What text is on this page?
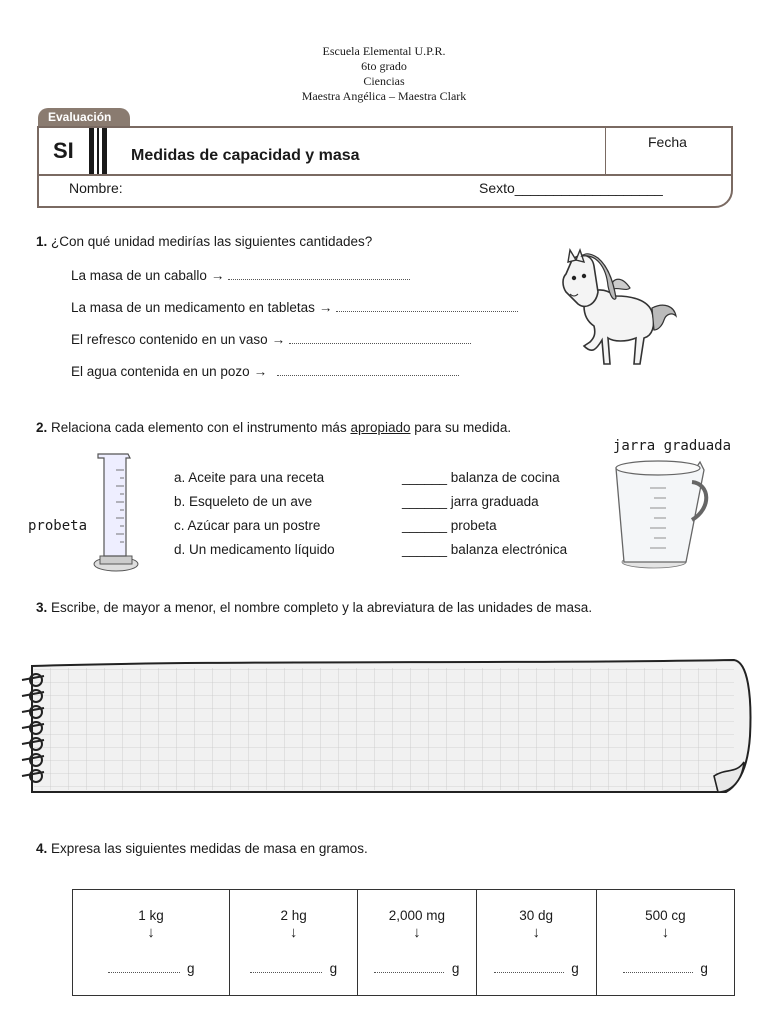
Escuela Elemental U.P.R.
6to grado
Ciencias
Maestra Angélica – Maestra Clark
Evaluación
SI	Medidas de capacidad y masa
Fecha
Nombre:	Sexto___________________
1. ¿Con qué unidad medirías las siguientes cantidades?
La masa de un caballo →
La masa de un medicamento en tabletas →
El refresco contenido en un vaso →
El agua contenida en un pozo →
2. Relaciona cada elemento con el instrumento más apropiado para su medida.
probeta
jarra graduada
a. Aceite para una receta
b. Esqueleto de un ave
c. Azúcar para un postre
d. Un medicamento líquido
______ balanza de cocina
______ jarra graduada
______ probeta
______ balanza electrónica
3. Escribe, de mayor a menor, el nombre completo y la abreviatura de las unidades de masa.
4. Expresa las siguientes medidas de masa en gramos.
1 kg
↓
g
2 hg
↓
g
2,000 mg
↓
g
30 dg
↓
g
500 cg
↓
g
